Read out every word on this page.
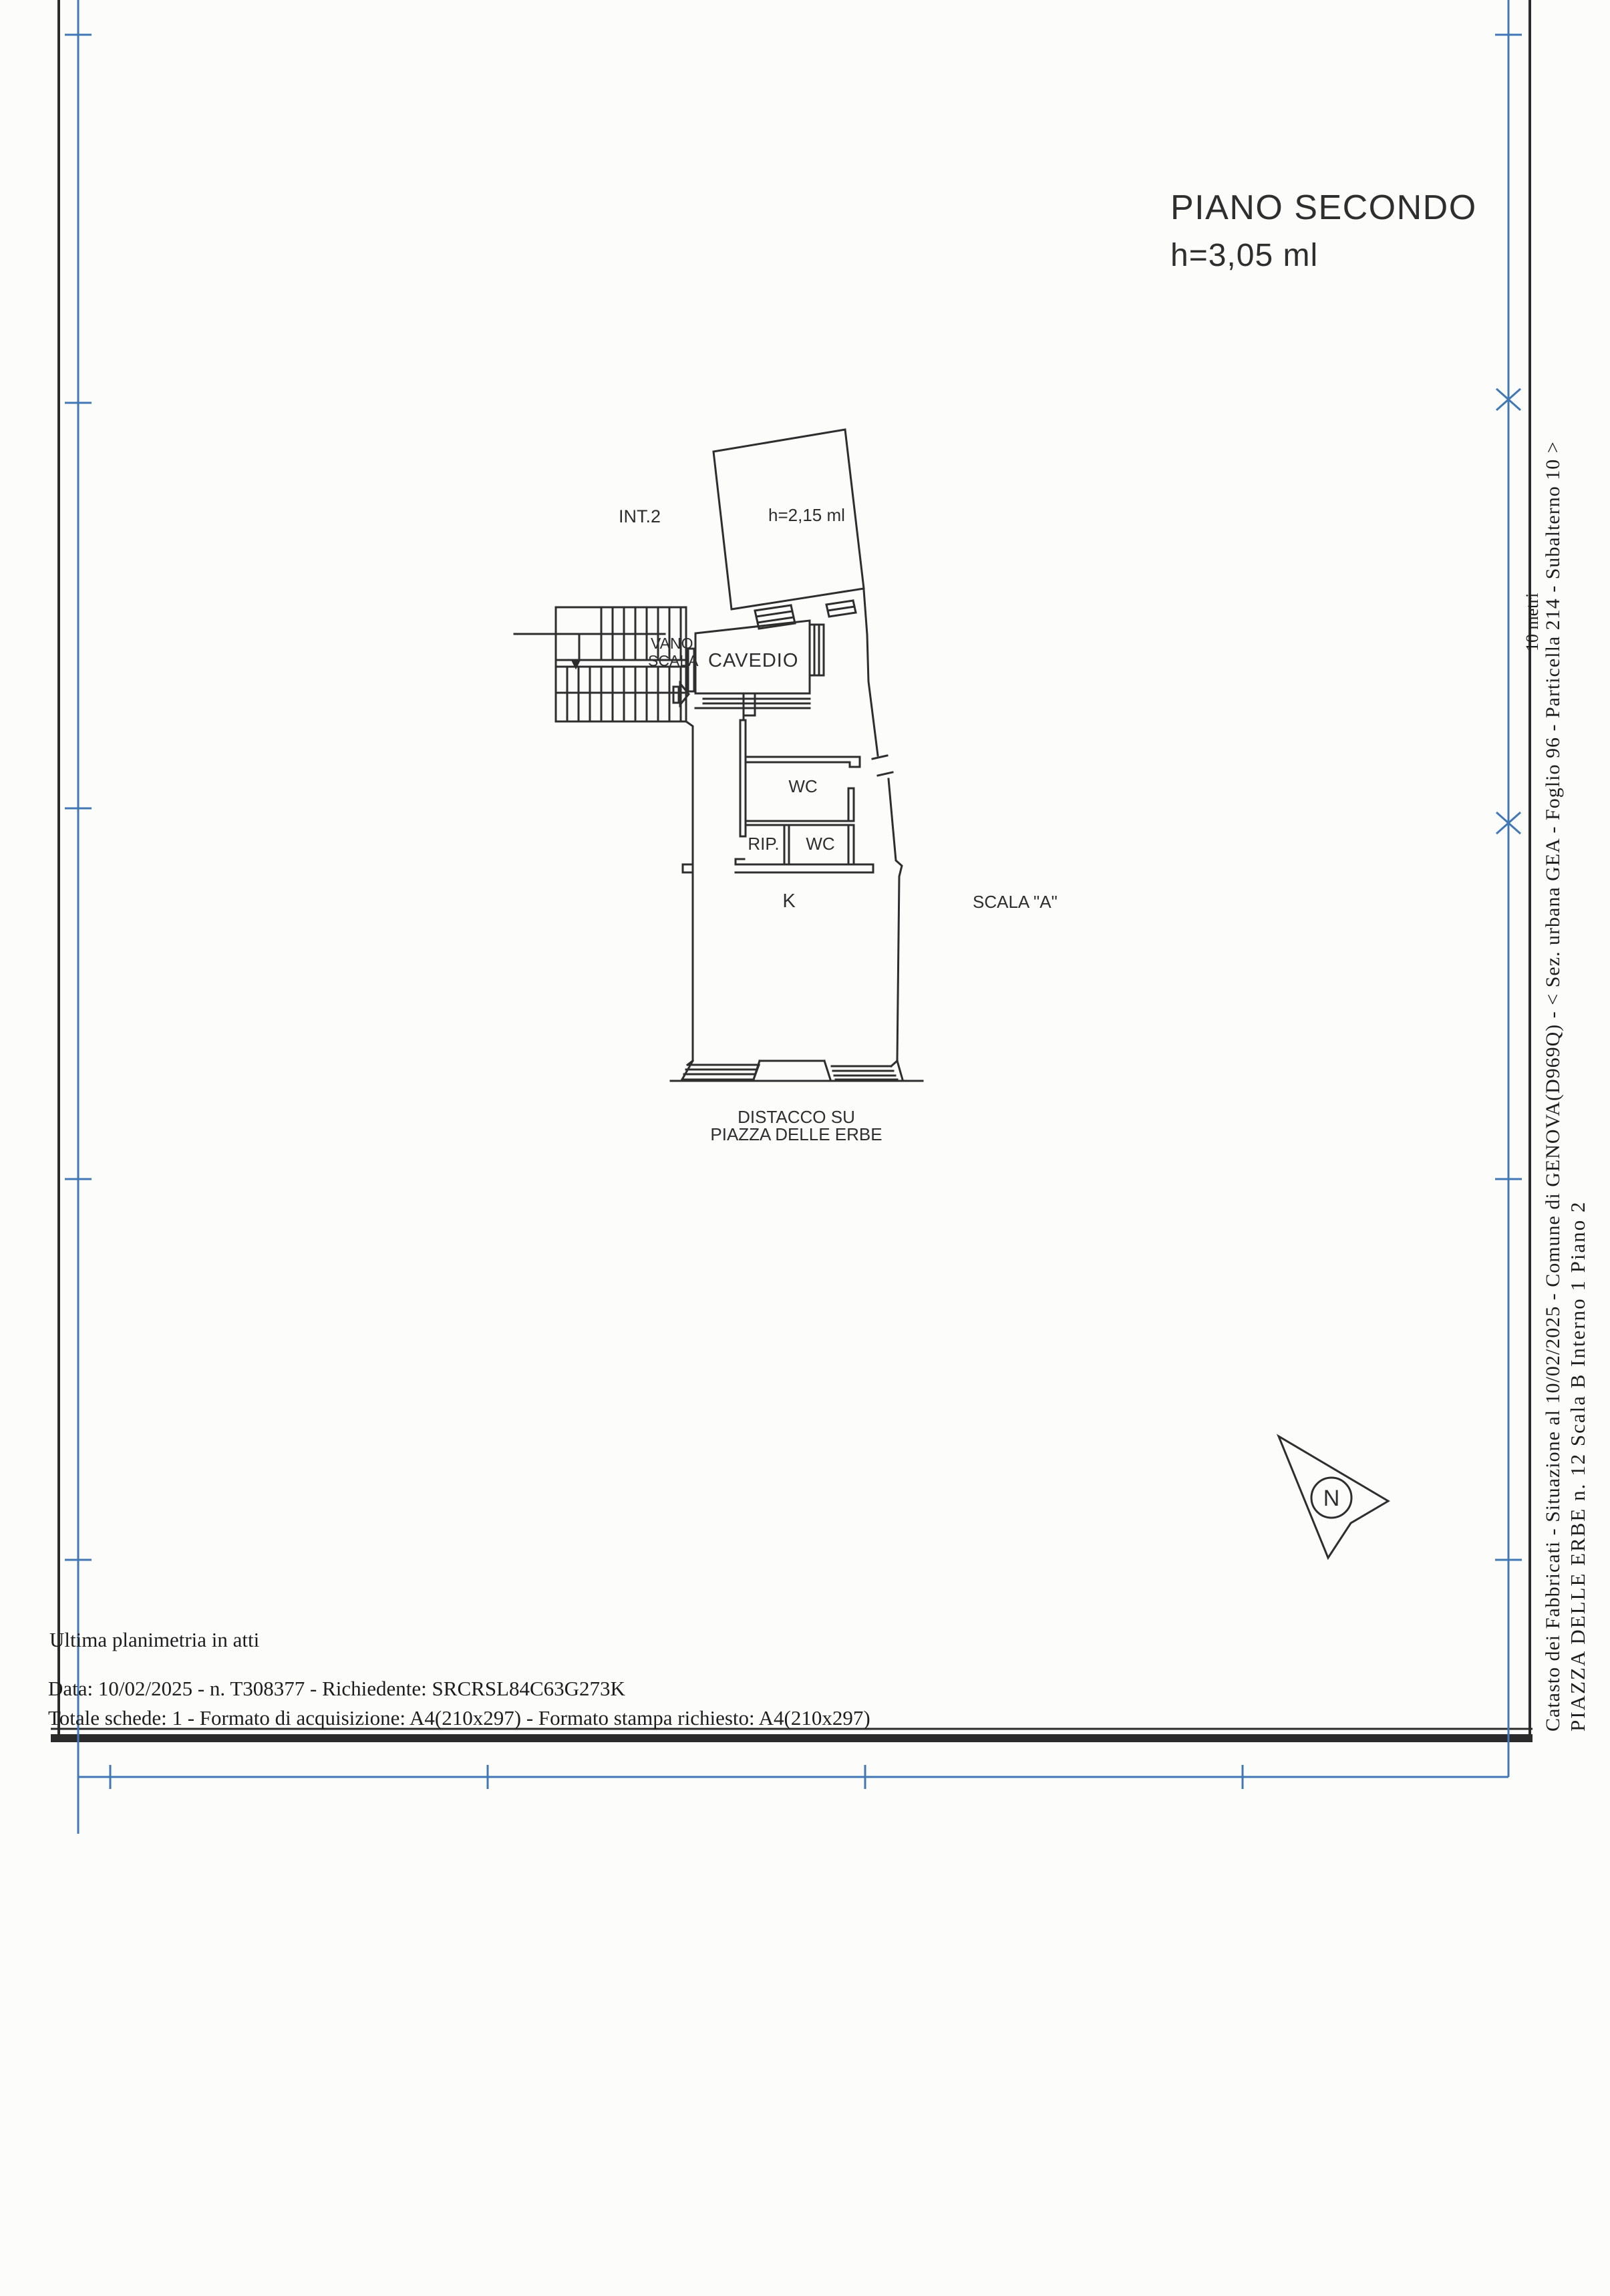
10 metri
PIANO SECONDO
h=3,05 ml
INT.2	h=2,15 ml
CAVEDIO
VANO
SCALA
WC
RIP. WC
K	SCALA "A"
DISTACCO SU
PIAZZA DELLE ERBE
N	Catasto dei Fabbricati - Situazione al 10/02/2025 - Comune di GENOVA(D969Q) - < Sez. urbana GEA - Foglio 96 - Particella 214 - Subalterno 10 > PIAZZA DELLE ERBE n. 12 Scala B Interno 1 Piano 2
Ultima planimetria in atti
Data: 10/02/2025 - n. T308377 - Richiedente: SRCRSL84C63G273K
Totale schede: 1 - Formato di acquisizione: A4(210x297) - Formato stampa richiesto: A4(210x297)
